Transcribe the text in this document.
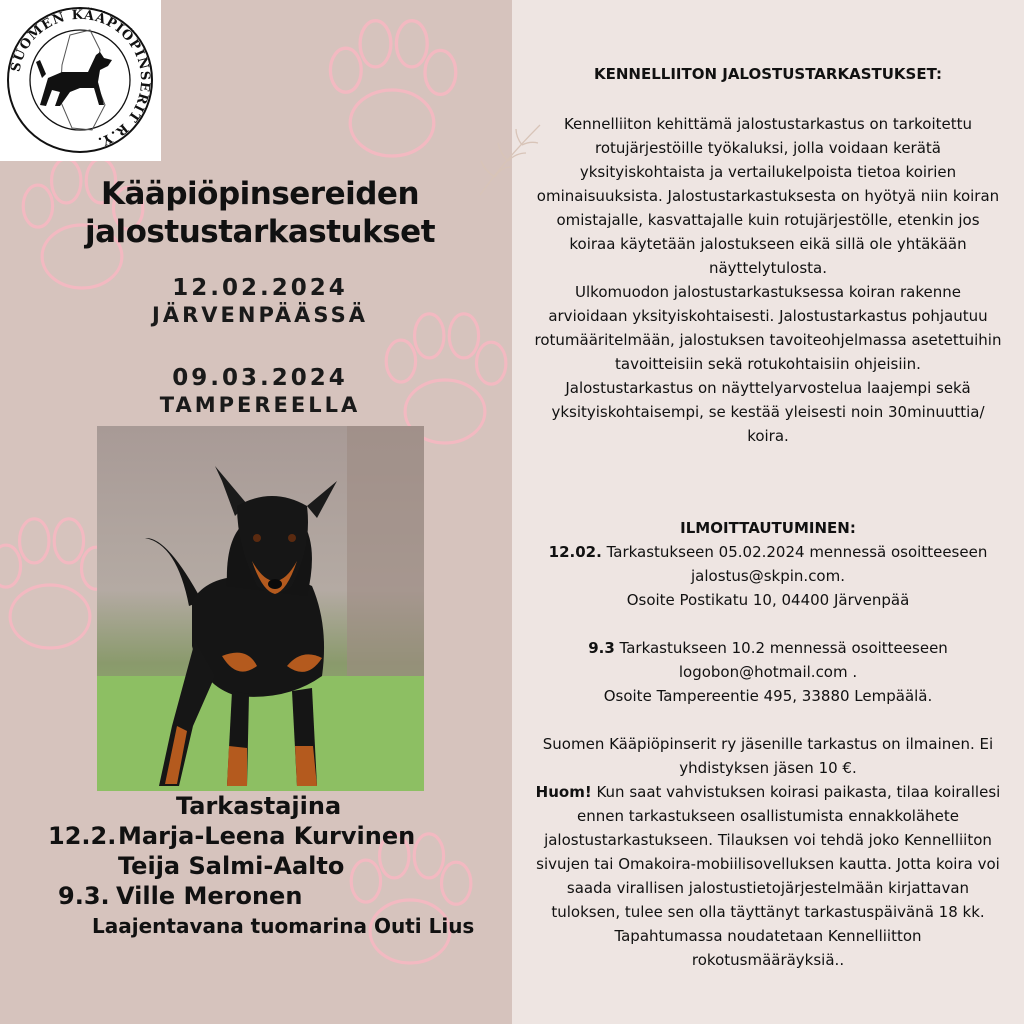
SUOMEN KÄÄPIÖPINSERIT R.Y.
Kääpiöpinsereiden
jalostustarkastukset
12.02.2024
JÄRVENPÄÄSSÄ
09.03.2024
TAMPEREELLA
Tarkastajina
12.2. Marja-Leena Kurvinen
Teija Salmi-Aalto
9.3. Ville Meronen
Laajentavana tuomarina Outi Lius
KENNELLIITON JALOSTUSTARKASTUKSET:

Kennelliiton kehittämä jalostustarkastus on tarkoitettu

rotujärjestöille työkaluksi, jolla voidaan kerätä

yksityiskohtaista ja vertailukelpoista tietoa koirien

ominaisuuksista. Jalostustarkastuksesta on hyötyä niin koiran

omistajalle, kasvattajalle kuin rotujärjestölle, etenkin jos

koiraa käytetään jalostukseen eikä sillä ole yhtäkään

näyttelytulosta.

Ulkomuodon jalostustarkastuksessa koiran rakenne

arvioidaan yksityiskohtaisesti. Jalostustarkastus pohjautuu

rotumääritelmään, jalostuksen tavoiteohjelmassa asetettuihin

tavoitteisiin sekä rotukohtaisiin ohjeisiin.

Jalostustarkastus on näyttelyarvostelua laajempi sekä

yksityiskohtaisempi, se kestää yleisesti noin 30minuuttia/

koira.

ILMOITTAUTUMINEN:

12.02. Tarkastukseen 05.02.2024 mennessä osoitteeseen

jalostus@skpin.com.

Osoite Postikatu 10, 04400 Järvenpää

9.3 Tarkastukseen 10.2 mennessä osoitteeseen

logobon@hotmail.com .

Osoite Tampereentie 495, 33880 Lempäälä.

Suomen Kääpiöpinserit ry jäsenille tarkastus on ilmainen. Ei

yhdistyksen jäsen 10 €.

Huom! Kun saat vahvistuksen koirasi paikasta, tilaa koirallesi

ennen tarkastukseen osallistumista ennakkolähete

jalostustarkastukseen. Tilauksen voi tehdä joko Kennelliiton

sivujen tai Omakoira-mobiilisovelluksen kautta. Jotta koira voi

saada virallisen jalostustietojärjestelmään kirjattavan

tuloksen, tulee sen olla täyttänyt tarkastuspäivänä 18 kk.

Tapahtumassa noudatetaan Kennelliitton

rokotusmääräyksiä..
